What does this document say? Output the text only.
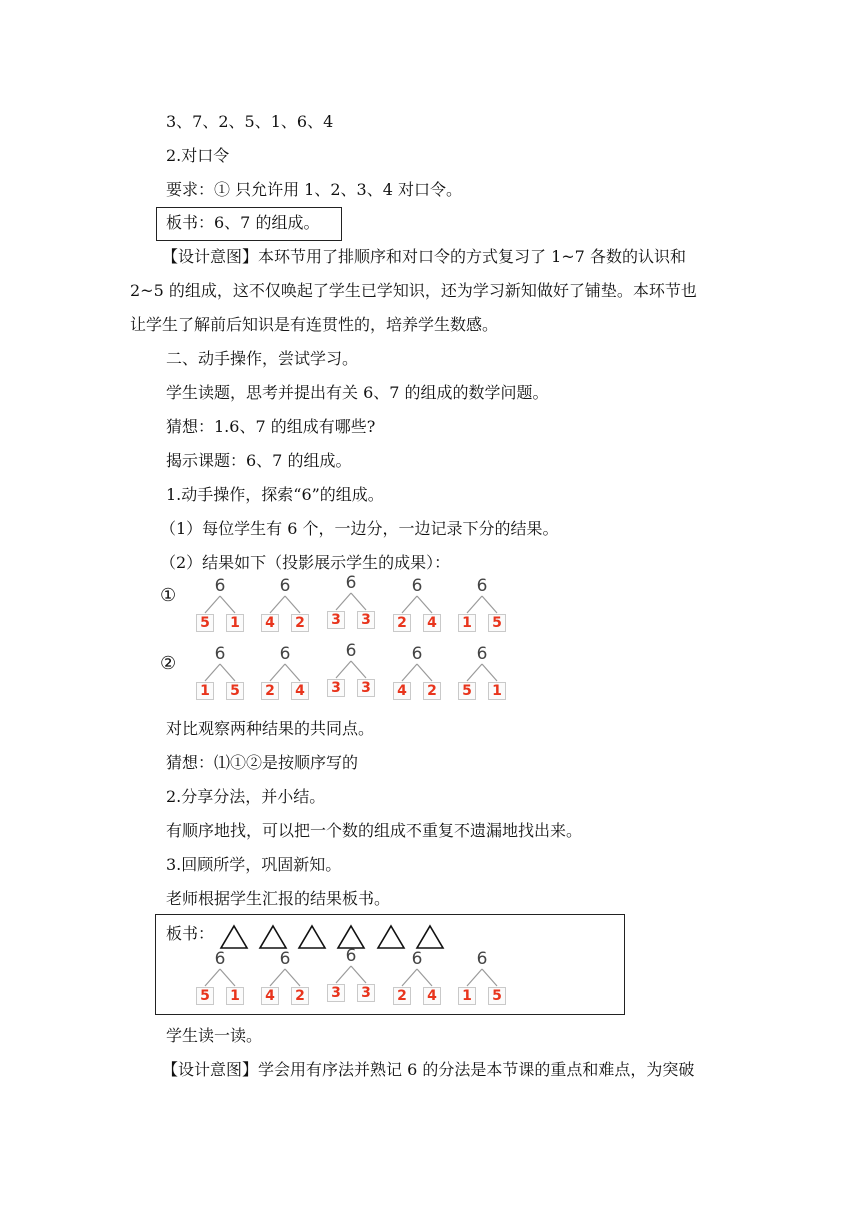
3、7、2、5、1、6、4
2.对口令
要求：① 只允许用 1、2、3、4 对口令。
板书：6、7 的组成。
【设计意图】本环节用了排顺序和对口令的方式复习了 1~7 各数的认识和
2~5 的组成，这不仅唤起了学生已学知识，还为学习新知做好了铺垫。本环节也
让学生了解前后知识是有连贯性的，培养学生数感。
二、动手操作，尝试学习。
学生读题，思考并提出有关 6、7 的组成的数学问题。
猜想：1.6、7 的组成有哪些?
揭示课题：6、7 的组成。
1.动手操作，探索“6”的组成。
（1）每位学生有 6 个，一边分，一边记录下分的结果。
（2）结果如下（投影展示学生的成果）：
①	6
5 1
6
4 2
6
3 3
6
2 4
6
1 5
②	6
1 5
6
2 4
6
3 3
6
4 2
6
5 1
对比观察两种结果的共同点。
猜想：⑴①②是按顺序写的
2.分享分法，并小结。
有顺序地找，可以把一个数的组成不重复不遗漏地找出来。
3.回顾所学，巩固新知。
老师根据学生汇报的结果板书。
板书：
6
5 1
6
4 2
6
3 3
6
2 4
6
1 5
学生读一读。
【设计意图】学会用有序法并熟记 6 的分法是本节课的重点和难点，为突破
